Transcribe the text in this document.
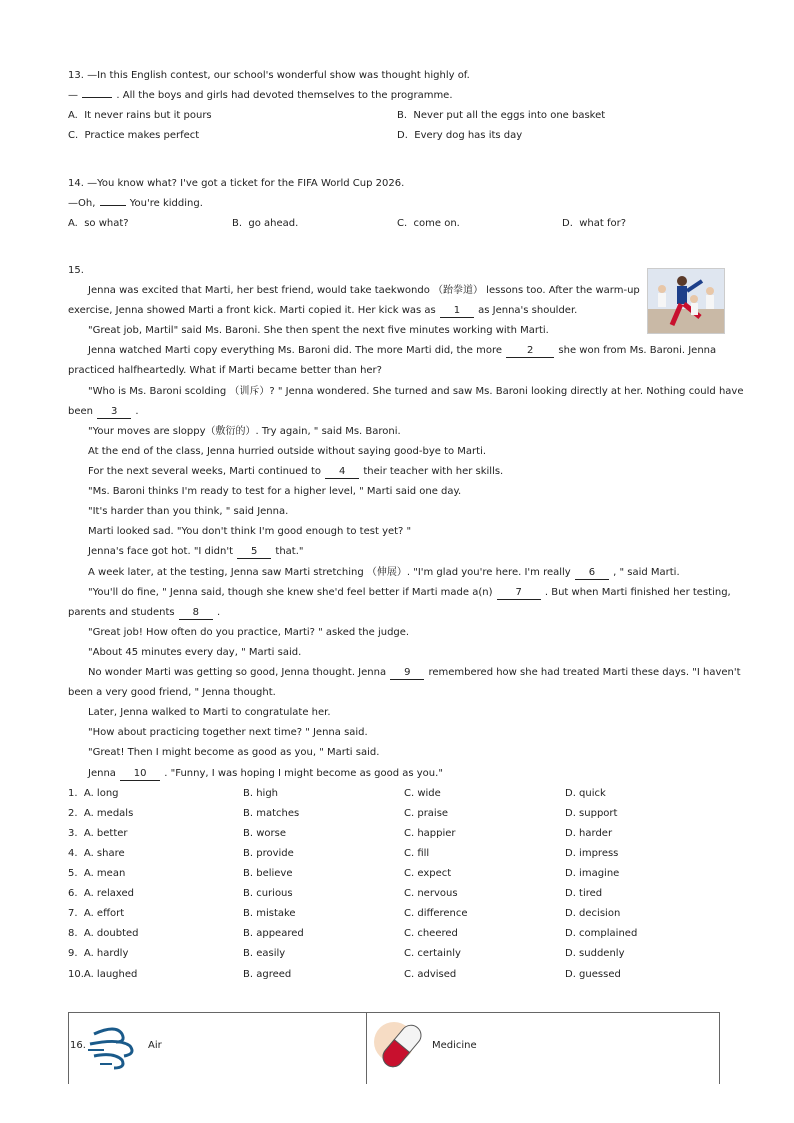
13. —In this English contest, our school's wonderful show was thought highly of.
—	. All the boys and girls had devoted themselves to the programme.
A. It never rains but it pours	B. Never put all the eggs into one basket
C. Practice makes perfect	D. Every dog has its day
14. —You know what? I've got a ticket for the FIFA World Cup 2026.
—Oh,	You're kidding.
A. so what?	B. go ahead.	C. come on.	D. what for?
15.
Jenna was excited that Marti, her best friend, would take taekwondo （跆拳道） lessons too. After the warm-up
exercise, Jenna showed Marti a front kick. Marti copied it. Her kick was as 1 as Jenna's shoulder.
"Great job, Martil" said Ms. Baroni. She then spent the next five minutes working with Marti.
Jenna watched Marti copy everything Ms. Baroni did. The more Marti did, the more	2	she won from Ms. Baroni. Jenna
practiced halfheartedly. What if Marti became better than her?
"Who is Ms. Baroni scolding （训斥）? " Jenna wondered. She turned and saw Ms. Baroni looking directly at her. Nothing could have
been 3 .
"Your moves are sloppy（敷衍的）. Try again, " said Ms. Baroni.
At the end of the class, Jenna hurried outside without saying good-bye to Marti.
For the next several weeks, Marti continued to 4 their teacher with her skills.
"Ms. Baroni thinks I'm ready to test for a higher level, " Marti said one day.
"It's harder than you think, " said Jenna.
Marti looked sad. "You don't think I'm good enough to test yet? "
Jenna's face got hot. "I didn't 5 that."
A week later, at the testing, Jenna saw Marti stretching （伸展）. "I'm glad you're here. I'm really 6 , " said Marti.
"You'll do fine, " Jenna said, though she knew she'd feel better if Marti made a(n) 7 . But when Marti finished her testing,
parents and students 8 .
"Great job! How often do you practice, Marti? " asked the judge.
"About 45 minutes every day, " Marti said.
No wonder Marti was getting so good, Jenna thought. Jenna 9 remembered how she had treated Marti these days. "I haven't
been a very good friend, " Jenna thought.
Later, Jenna walked to Marti to congratulate her.
"How about practicing together next time? " Jenna said.
"Great! Then I might become as good as you, " Marti said.
Jenna 10 . "Funny, I was hoping I might become as good as you."
1. A. long	B. high	C. wide	D. quick
2. A. medals	B. matches	C. praise	D. support
3. A. better	B. worse	C. happier	D. harder
4. A. share	B. provide	C. fill	D. impress
5. A. mean	B. believe	C. expect	D. imagine
6. A. relaxed	B. curious	C. nervous	D. tired
7. A. effort	B. mistake	C. difference	D. decision
8. A. doubted	B. appeared	C. cheered	D. complained
9. A. hardly	B. easily	C. certainly	D. suddenly
10.A. laughed	B. agreed	C. advised	D. guessed
16.	Air	Medicine
